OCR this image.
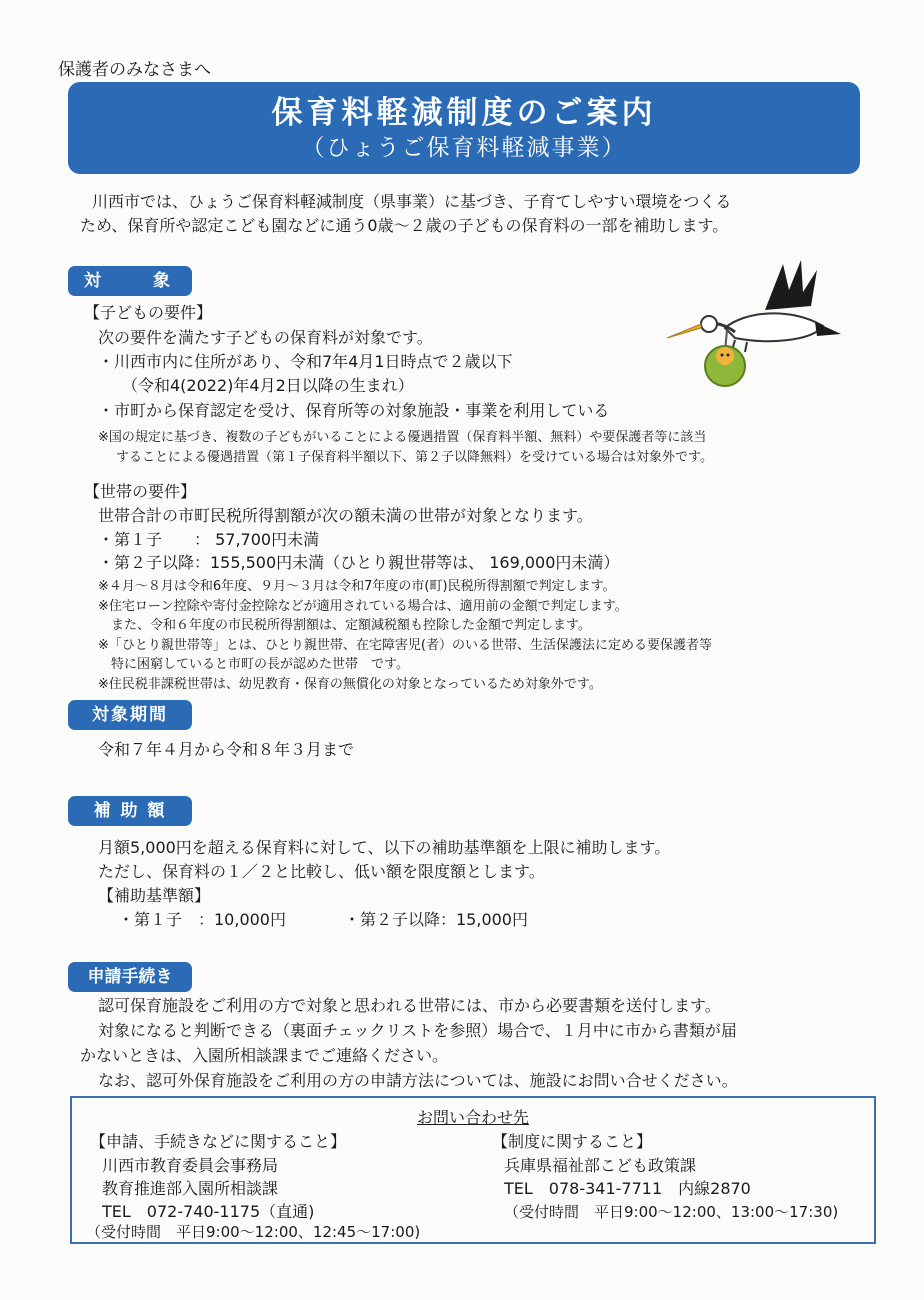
保護者のみなさまへ
保育料軽減制度のご案内
（ひょうご保育料軽減事業）
川西市では、ひょうご保育料軽減制度（県事業）に基づき、子育てしやすい環境をつくる
ため、保育所や認定こども園などに通う0歳～２歳の子どもの保育料の一部を補助します。
対　　象
【子どもの要件】
次の要件を満たす子どもの保育料が対象です。
・川西市内に住所があり、令和7年4月1日時点で２歳以下
（令和4(2022)年4月2日以降の生まれ）
・市町から保育認定を受け、保育所等の対象施設・事業を利用している
※国の規定に基づき、複数の子どもがいることによる優遇措置（保育料半額、無料）や要保護者等に該当
することによる優遇措置（第１子保育料半額以下、第２子以降無料）を受けている場合は対象外です。
【世帯の要件】
世帯合計の市町民税所得割額が次の額未満の世帯が対象となります。
・第１子　　： 57,700円未満
・第２子以降：155,500円未満（ひとり親世帯等は、 169,000円未満）
※４月～８月は令和6年度、９月～３月は令和7年度の市(町)民税所得割額で判定します。
※住宅ローン控除や寄付金控除などが適用されている場合は、適用前の金額で判定します。
　また、令和６年度の市民税所得割額は、定額減税額も控除した金額で判定します。
※「ひとり親世帯等」とは、ひとり親世帯、在宅障害児(者）のいる世帯、生活保護法に定める要保護者等
　特に困窮していると市町の長が認めた世帯　です。
※住民税非課税世帯は、幼児教育・保育の無償化の対象となっているため対象外です。
対象期間
令和７年４月から令和８年３月まで
補 助 額
月額5,000円を超える保育料に対して、以下の補助基準額を上限に補助します。
ただし、保育料の１／２と比較し、低い額を限度額とします。
【補助基準額】
・第１子　：10,000円	・第２子以降：15,000円
申請手続き
認可保育施設をご利用の方で対象と思われる世帯には、市から必要書類を送付します。
対象になると判断できる（裏面チェックリストを参照）場合で、１月中に市から書類が届
かないときは、入園所相談課までご連絡ください。
なお、認可外保育施設をご利用の方の申請方法については、施設にお問い合せください。
お問い合わせ先
【申請、手続きなどに関すること】
川西市教育委員会事務局
教育推進部入園所相談課
TEL　072-740-1175（直通)
（受付時間　平日9:00～12:00、12:45～17:00)
【制度に関すること】
兵庫県福祉部こども政策課
TEL　078-341-7711　内線2870
（受付時間　平日9:00～12:00、13:00～17:30)
